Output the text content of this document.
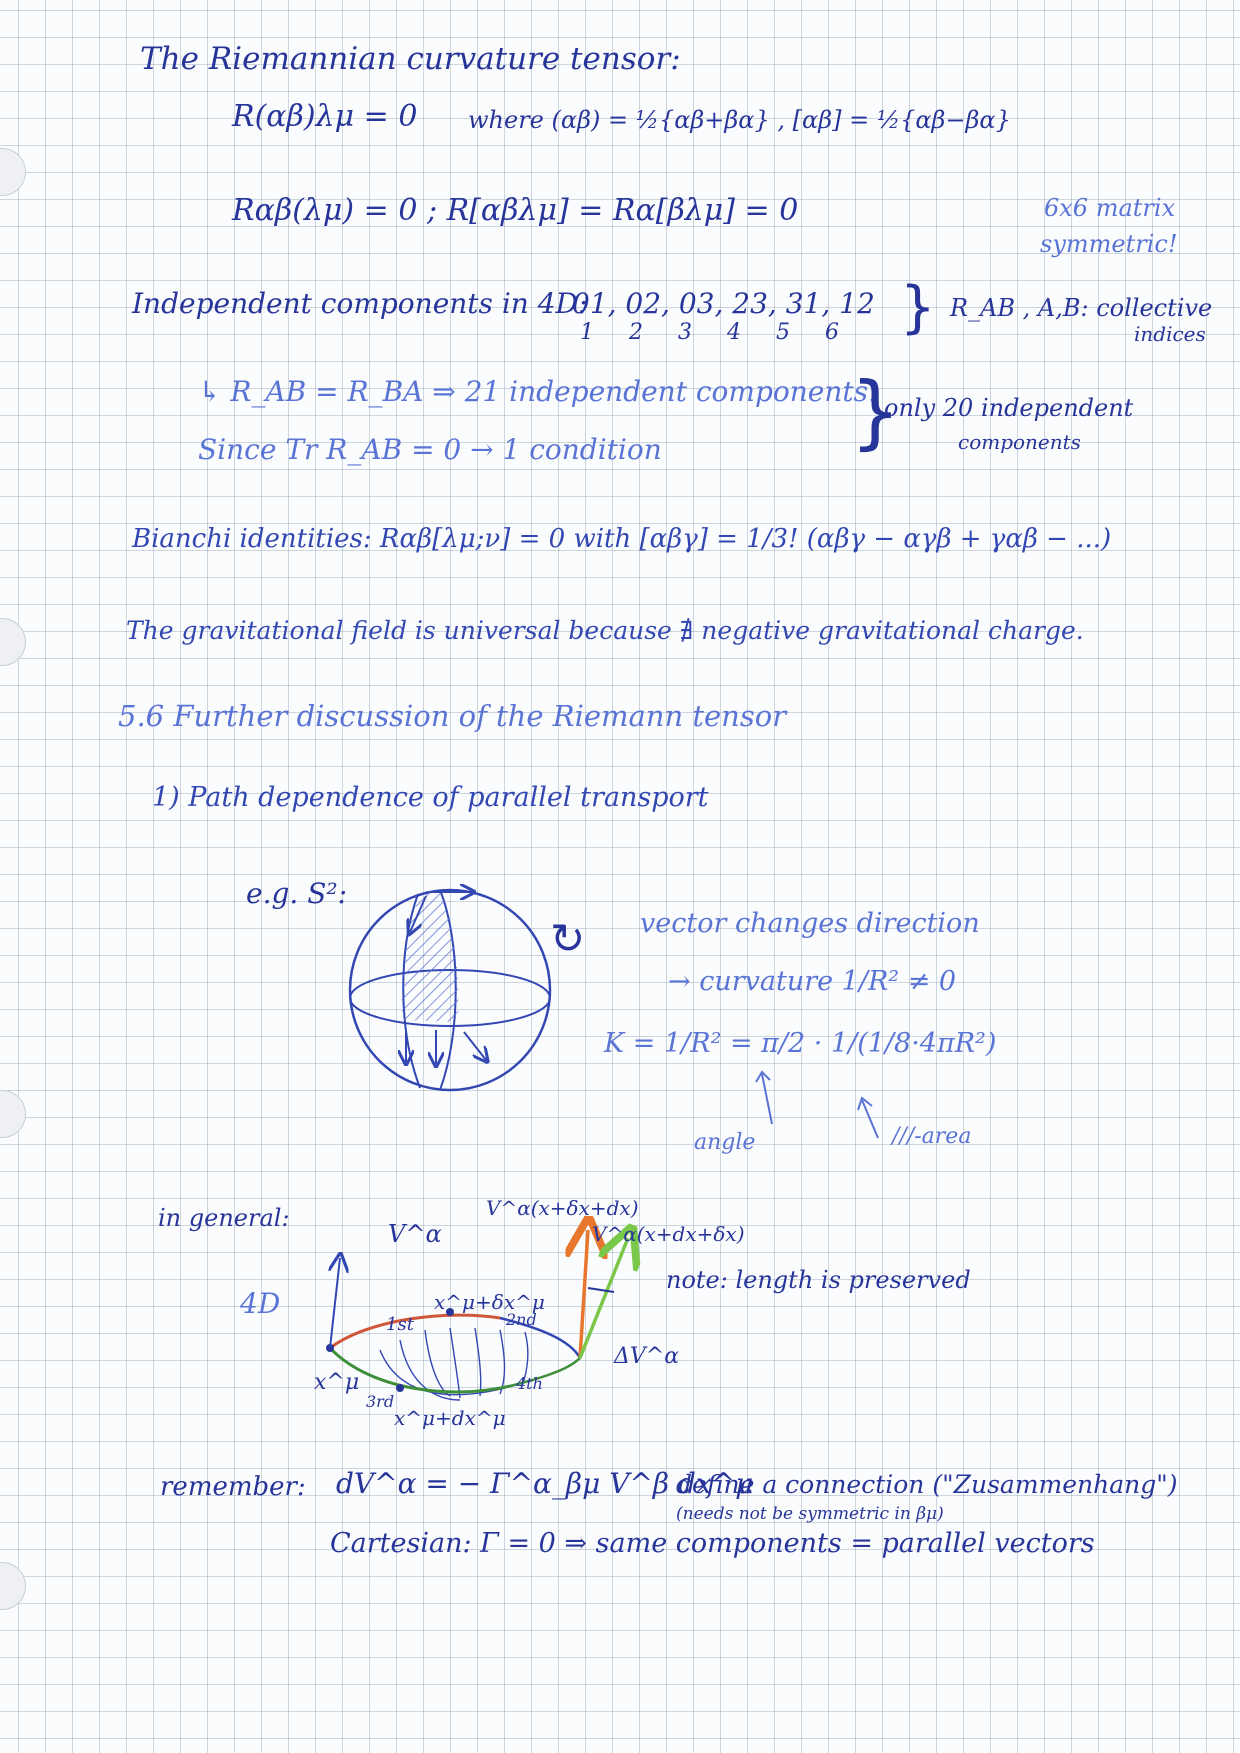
The Riemannian curvature tensor:
R(αβ)λμ = 0 where (αβ) = ½{αβ+βα} , [αβ] = ½{αβ−βα}
Rαβ(λμ) = 0 ; R[αβλμ] = Rα[βλμ] = 0	6x6 matrix
symmetric!
Independent components in 4D:
01, 02, 03, 23, 31, 12
1 2 3 4 5 6 } R_AB , A,B: collective
indices
↳ R_AB = R_BA ⇒ 21 independent components.
Since Tr R_AB = 0 → 1 condition }
only 20 independent
components
Bianchi identities: Rαβ[λμ;ν] = 0 with [αβγ] = 1/3! (αβγ − αγβ + γαβ − ...)
The gravitational field is universal because ∄ negative gravitational charge.
5.6 Further discussion of the Riemann tensor
1) Path dependence of parallel transport
e.g. S²:
↻ vector changes direction
→ curvature 1/R² ≠ 0
K = 1/R² = π/2 · 1/(1/8·4πR²)
angle	///-area
in general:
4D
V^α
V^α(x+δx+dx)
V^α(x+dx+δx)
note: length is preserved
x^μ+δx^μ
1st	2nd
x^μ
3rd
4th
x^μ+dx^μ
ΔV^α
remember: dV^α = − Γ^α_βμ V^β dx^μ
define a connection ("Zusammenhang")
(needs not be symmetric in βμ)
Cartesian: Γ = 0 ⇒ same components = parallel vectors
